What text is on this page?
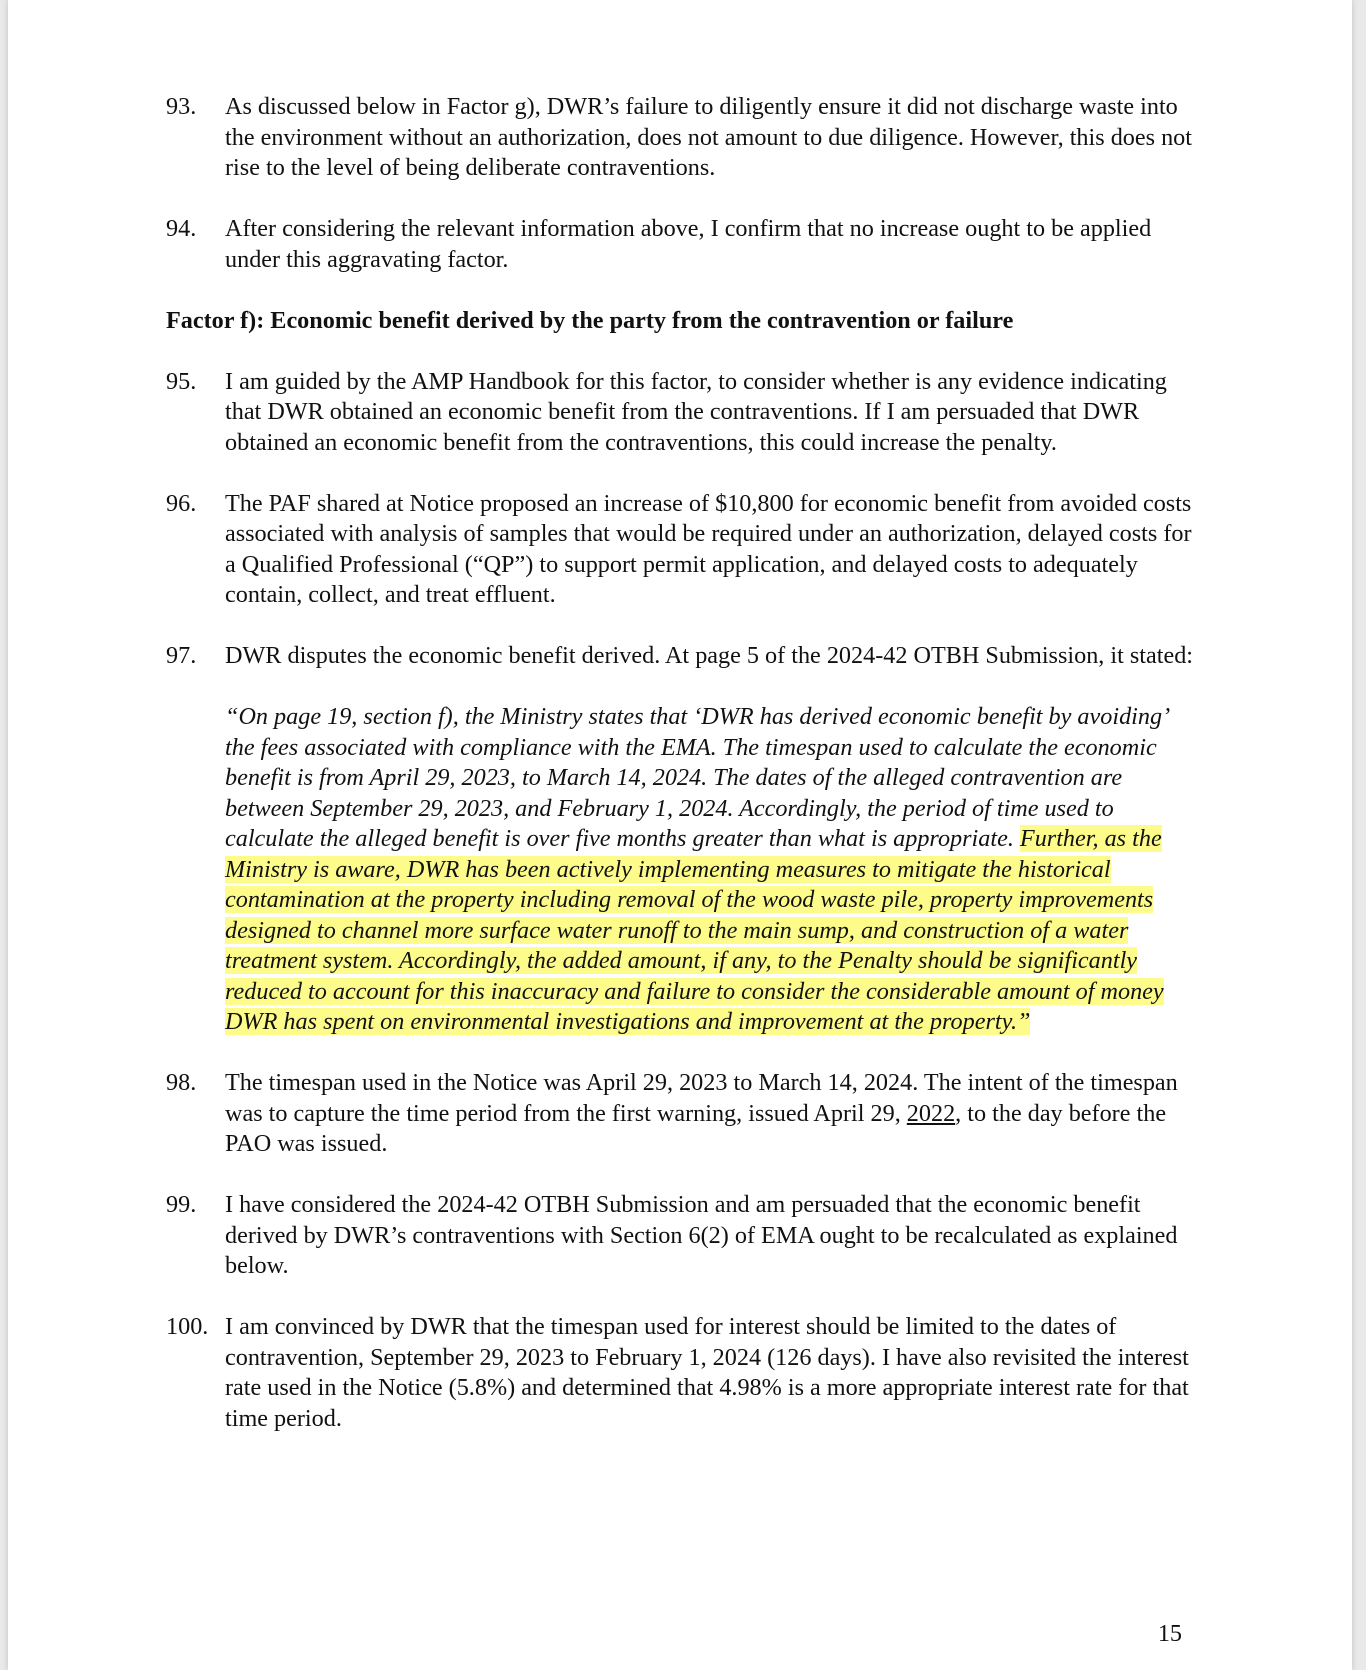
93.	As discussed below in Factor g), DWR’s failure to diligently ensure it did not discharge waste into the environment without an authorization, does not amount to due diligence. However, this does not rise to the level of being deliberate contraventions.
94.	After considering the relevant information above, I confirm that no increase ought to be applied under this aggravating factor.
Factor f): Economic benefit derived by the party from the contravention or failure
95.	I am guided by the AMP Handbook for this factor, to consider whether is any evidence indicating that DWR obtained an economic benefit from the contraventions. If I am persuaded that DWR obtained an economic benefit from the contraventions, this could increase the penalty.
96.	The PAF shared at Notice proposed an increase of $10,800 for economic benefit from avoided costs associated with analysis of samples that would be required under an authorization, delayed costs for a Qualified Professional (“QP”) to support permit application, and delayed costs to adequately contain, collect, and treat effluent.
97.	DWR disputes the economic benefit derived. At page 5 of the 2024-42 OTBH Submission, it stated:
“On page 19, section f), the Ministry states that ‘DWR has derived economic benefit by avoiding’ the fees associated with compliance with the EMA. The timespan used to calculate the economic benefit is from April 29, 2023, to March 14, 2024. The dates of the alleged contravention are between September 29, 2023, and February 1, 2024. Accordingly, the period of time used to calculate the alleged benefit is over five months greater than what is appropriate. Further, as the Ministry is aware, DWR has been actively implementing measures to mitigate the historical contamination at the property including removal of the wood waste pile, property improvements designed to channel more surface water runoff to the main sump, and construction of a water treatment system. Accordingly, the added amount, if any, to the Penalty should be significantly reduced to account for this inaccuracy and failure to consider the considerable amount of money DWR has spent on environmental investigations and improvement at the property.”
98.	The timespan used in the Notice was April 29, 2023 to March 14, 2024. The intent of the timespan was to capture the time period from the first warning, issued April 29, 2022, to the day before the PAO was issued.
99.	I have considered the 2024-42 OTBH Submission and am persuaded that the economic benefit derived by DWR’s contraventions with Section 6(2) of EMA ought to be recalculated as explained below.
100. I am convinced by DWR that the timespan used for interest should be limited to the dates of contravention, September 29, 2023 to February 1, 2024 (126 days). I have also revisited the interest rate used in the Notice (5.8%) and determined that 4.98% is a more appropriate interest rate for that time period.
15
